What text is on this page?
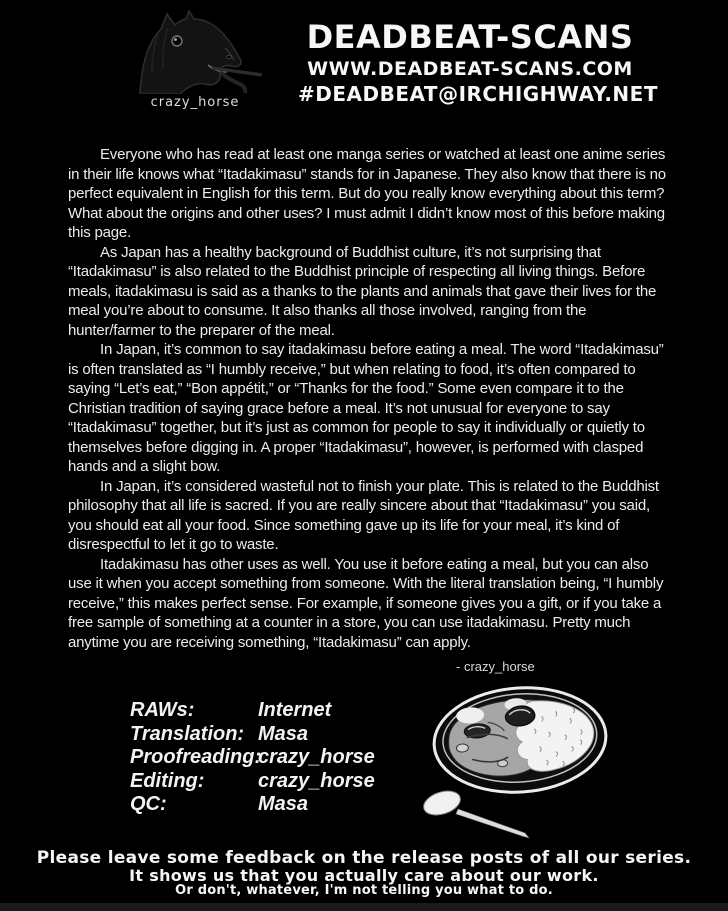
crazy_horse
DEADBEAT-SCANS
WWW.DEADBEAT-SCANS.COM
#DEADBEAT@IRCHIGHWAY.NET

Everyone who has read at least one manga series or watched at least one anime series in their life knows what “Itadakimasu” stands for in Japanese. They also know that there is no perfect equivalent in English for this term. But do you really know everything about this term? What about the origins and other uses? I must admit I didn’t know most of this before making this page.

As Japan has a healthy background of Buddhist culture, it’s not surprising that “Itadakimasu” is also related to the Buddhist principle of respecting all living things. Before meals, itadakimasu is said as a thanks to the plants and animals that gave their lives for the meal you’re about to consume. It also thanks all those involved, ranging from the hunter/farmer to the preparer of the meal.

In Japan, it’s common to say itadakimasu before eating a meal. The word “Itadakimasu” is often translated as “I humbly receive,” but when relating to food, it’s often compared to saying “Let’s eat,” “Bon appétit,” or “Thanks for the food.” Some even compare it to the Christian tradition of saying grace before a meal. It’s not unusual for everyone to say “Itadakimasu” together, but it’s just as common for people to say it individually or quietly to themselves before digging in. A proper “Itadakimasu”, however, is performed with clasped hands and a slight bow.

In Japan, it’s considered wasteful not to finish your plate. This is related to the Buddhist philosophy that all life is sacred. If you are really sincere about that “Itadakimasu” you said, you should eat all your food. Since something gave up its life for your meal, it’s kind of disrespectful to let it go to waste.

Itadakimasu has other uses as well. You use it before eating a meal, but you can also use it when you accept something from someone. With the literal translation being, “I humbly receive,” this makes perfect sense. For example, if someone gives you a gift, or if you take a free sample of something at a counter in a store, you can use itadakimasu. Pretty much anytime you are receiving something, “Itadakimasu” can apply.

- crazy_horse
RAWs:	Internet
Translation: Masa
Proofreading:
crazy_horse
Editing:	crazy_horse
QC:	Masa
Please leave some feedback on the release posts of all our series.
It shows us that you actually care about our work.
Or don't, whatever, I'm not telling you what to do.
